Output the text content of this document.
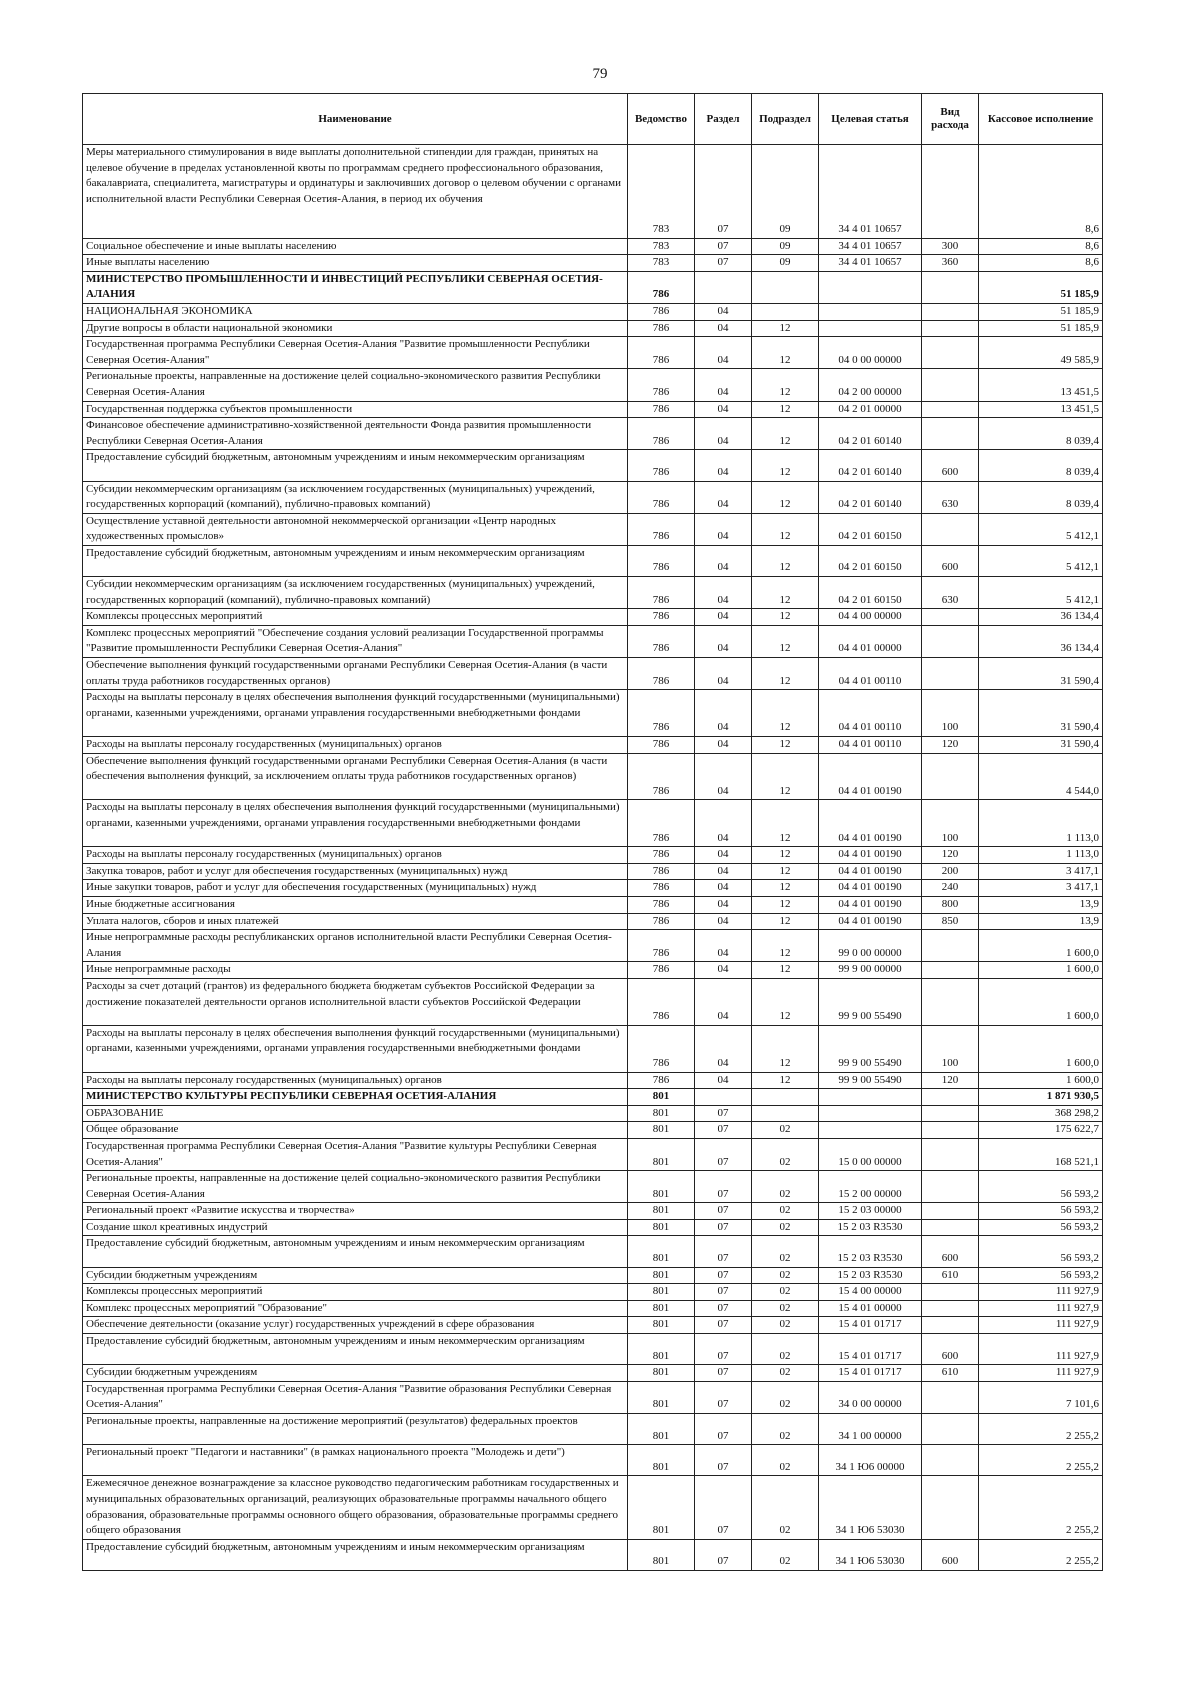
79
Наименование	Ведомство	Раздел	Подраздел	Целевая статья	Вид расхода	Кассовое исполнение
Меры материального стимулирования в виде выплаты дополнительной стипендии для граждан, принятых на целевое обучение в пределах установленной квоты по программам среднего профессионального образования, бакалавриата, специалитета, магистратуры и ординатуры и заключивших договор о целевом обучении с органами исполнительной власти Республики Северная Осетия-Алания, в период их обучения	783	07	09	34 4 01 10657		8,6
Социальное обеспечение и иные выплаты населению	783	07	09	34 4 01 10657	300	8,6
Иные выплаты населению	783	07	09	34 4 01 10657	360	8,6
МИНИСТЕРСТВО ПРОМЫШЛЕННОСТИ И ИНВЕСТИЦИЙ РЕСПУБЛИКИ СЕВЕРНАЯ ОСЕТИЯ-АЛАНИЯ	786					51 185,9
НАЦИОНАЛЬНАЯ ЭКОНОМИКА	786	04				51 185,9
Другие вопросы в области национальной экономики	786	04	12			51 185,9
Государственная программа Республики Северная Осетия-Алания "Развитие промышленности Республики Северная Осетия-Алания"	786	04	12	04 0 00 00000		49 585,9
Региональные проекты, направленные на достижение целей социально-экономического развития Республики Северная Осетия-Алания	786	04	12	04 2 00 00000		13 451,5
Государственная поддержка субъектов промышленности	786	04	12	04 2 01 00000		13 451,5
Финансовое обеспечение административно-хозяйственной деятельности Фонда развития промышленности Республики Северная Осетия-Алания	786	04	12	04 2 01 60140		8 039,4
Предоставление субсидий бюджетным, автономным учреждениям и иным некоммерческим организациям	786	04	12	04 2 01 60140	600	8 039,4
Субсидии некоммерческим организациям (за исключением государственных (муниципальных) учреждений, государственных корпораций (компаний), публично-правовых компаний)	786	04	12	04 2 01 60140	630	8 039,4
Осуществление уставной деятельности автономной некоммерческой организации «Центр народных художественных промыслов»	786	04	12	04 2 01 60150		5 412,1
Предоставление субсидий бюджетным, автономным учреждениям и иным некоммерческим организациям	786	04	12	04 2 01 60150	600	5 412,1
Субсидии некоммерческим организациям (за исключением государственных (муниципальных) учреждений, государственных корпораций (компаний), публично-правовых компаний)	786	04	12	04 2 01 60150	630	5 412,1
Комплексы процессных мероприятий	786	04	12	04 4 00 00000		36 134,4
Комплекс процессных мероприятий "Обеспечение создания условий реализации Государственной программы "Развитие промышленности Республики Северная Осетия-Алания"	786	04	12	04 4 01 00000		36 134,4
Обеспечение выполнения функций государственными органами Республики Северная Осетия-Алания (в части оплаты труда работников государственных органов)	786	04	12	04 4 01 00110		31 590,4
Расходы на выплаты персоналу в целях обеспечения выполнения функций государственными (муниципальными) органами, казенными учреждениями, органами управления государственными внебюджетными фондами	786	04	12	04 4 01 00110	100	31 590,4
Расходы на выплаты персоналу государственных (муниципальных) органов	786	04	12	04 4 01 00110	120	31 590,4
Обеспечение выполнения функций государственными органами Республики Северная Осетия-Алания (в части обеспечения выполнения функций, за исключением оплаты труда работников государственных органов)	786	04	12	04 4 01 00190		4 544,0
Расходы на выплаты персоналу в целях обеспечения выполнения функций государственными (муниципальными) органами, казенными учреждениями, органами управления государственными внебюджетными фондами	786	04	12	04 4 01 00190	100	1 113,0
Расходы на выплаты персоналу государственных (муниципальных) органов	786	04	12	04 4 01 00190	120	1 113,0
Закупка товаров, работ и услуг для обеспечения государственных (муниципальных) нужд	786	04	12	04 4 01 00190	200	3 417,1
Иные закупки товаров, работ и услуг для обеспечения государственных (муниципальных) нужд	786	04	12	04 4 01 00190	240	3 417,1
Иные бюджетные ассигнования	786	04	12	04 4 01 00190	800	13,9
Уплата налогов, сборов и иных платежей	786	04	12	04 4 01 00190	850	13,9
Иные непрограммные расходы республиканских органов исполнительной власти Республики Северная Осетия-Алания	786	04	12	99 0 00 00000		1 600,0
Иные непрограммные расходы	786	04	12	99 9 00 00000		1 600,0
Расходы за счет дотаций (грантов) из федерального бюджета бюджетам субъектов Российской Федерации за достижение показателей деятельности органов исполнительной власти субъектов Российской Федерации	786	04	12	99 9 00 55490		1 600,0
Расходы на выплаты персоналу в целях обеспечения выполнения функций государственными (муниципальными) органами, казенными учреждениями, органами управления государственными внебюджетными фондами	786	04	12	99 9 00 55490	100	1 600,0
Расходы на выплаты персоналу государственных (муниципальных) органов	786	04	12	99 9 00 55490	120	1 600,0
МИНИСТЕРСТВО КУЛЬТУРЫ РЕСПУБЛИКИ СЕВЕРНАЯ ОСЕТИЯ-АЛАНИЯ	801					1 871 930,5
ОБРАЗОВАНИЕ	801	07				368 298,2
Общее образование	801	07	02			175 622,7
Государственная программа Республики Северная Осетия-Алания "Развитие культуры Республики Северная Осетия-Алания"	801	07	02	15 0 00 00000		168 521,1
Региональные проекты, направленные на достижение целей социально-экономического развития Республики Северная Осетия-Алания	801	07	02	15 2 00 00000		56 593,2
Региональный проект «Развитие искусства и творчества»	801	07	02	15 2 03 00000		56 593,2
Создание школ креативных индустрий	801	07	02	15 2 03 R3530		56 593,2
Предоставление субсидий бюджетным, автономным учреждениям и иным некоммерческим организациям	801	07	02	15 2 03 R3530	600	56 593,2
Субсидии бюджетным учреждениям	801	07	02	15 2 03 R3530	610	56 593,2
Комплексы процессных мероприятий	801	07	02	15 4 00 00000		111 927,9
Комплекс процессных мероприятий "Образование"	801	07	02	15 4 01 00000		111 927,9
Обеспечение деятельности (оказание услуг) государственных учреждений в сфере образования	801	07	02	15 4 01 01717		111 927,9
Предоставление субсидий бюджетным, автономным учреждениям и иным некоммерческим организациям	801	07	02	15 4 01 01717	600	111 927,9
Субсидии бюджетным учреждениям	801	07	02	15 4 01 01717	610	111 927,9
Государственная программа Республики Северная Осетия-Алания "Развитие образования Республики Северная Осетия-Алания"	801	07	02	34 0 00 00000		7 101,6
Региональные проекты, направленные на достижение мероприятий (результатов) федеральных проектов	801	07	02	34 1 00 00000		2 255,2
Региональный проект "Педагоги и наставники" (в рамках национального проекта "Молодежь и дети")	801	07	02	34 1 Ю6 00000		2 255,2
Ежемесячное денежное вознаграждение за классное руководство педагогическим работникам государственных и муниципальных образовательных организаций, реализующих образовательные программы начального общего образования, образовательные программы основного общего образования, образовательные программы среднего общего образования	801	07	02	34 1 Ю6 53030		2 255,2
Предоставление субсидий бюджетным, автономным учреждениям и иным некоммерческим организациям	801	07	02	34 1 Ю6 53030	600	2 255,2
